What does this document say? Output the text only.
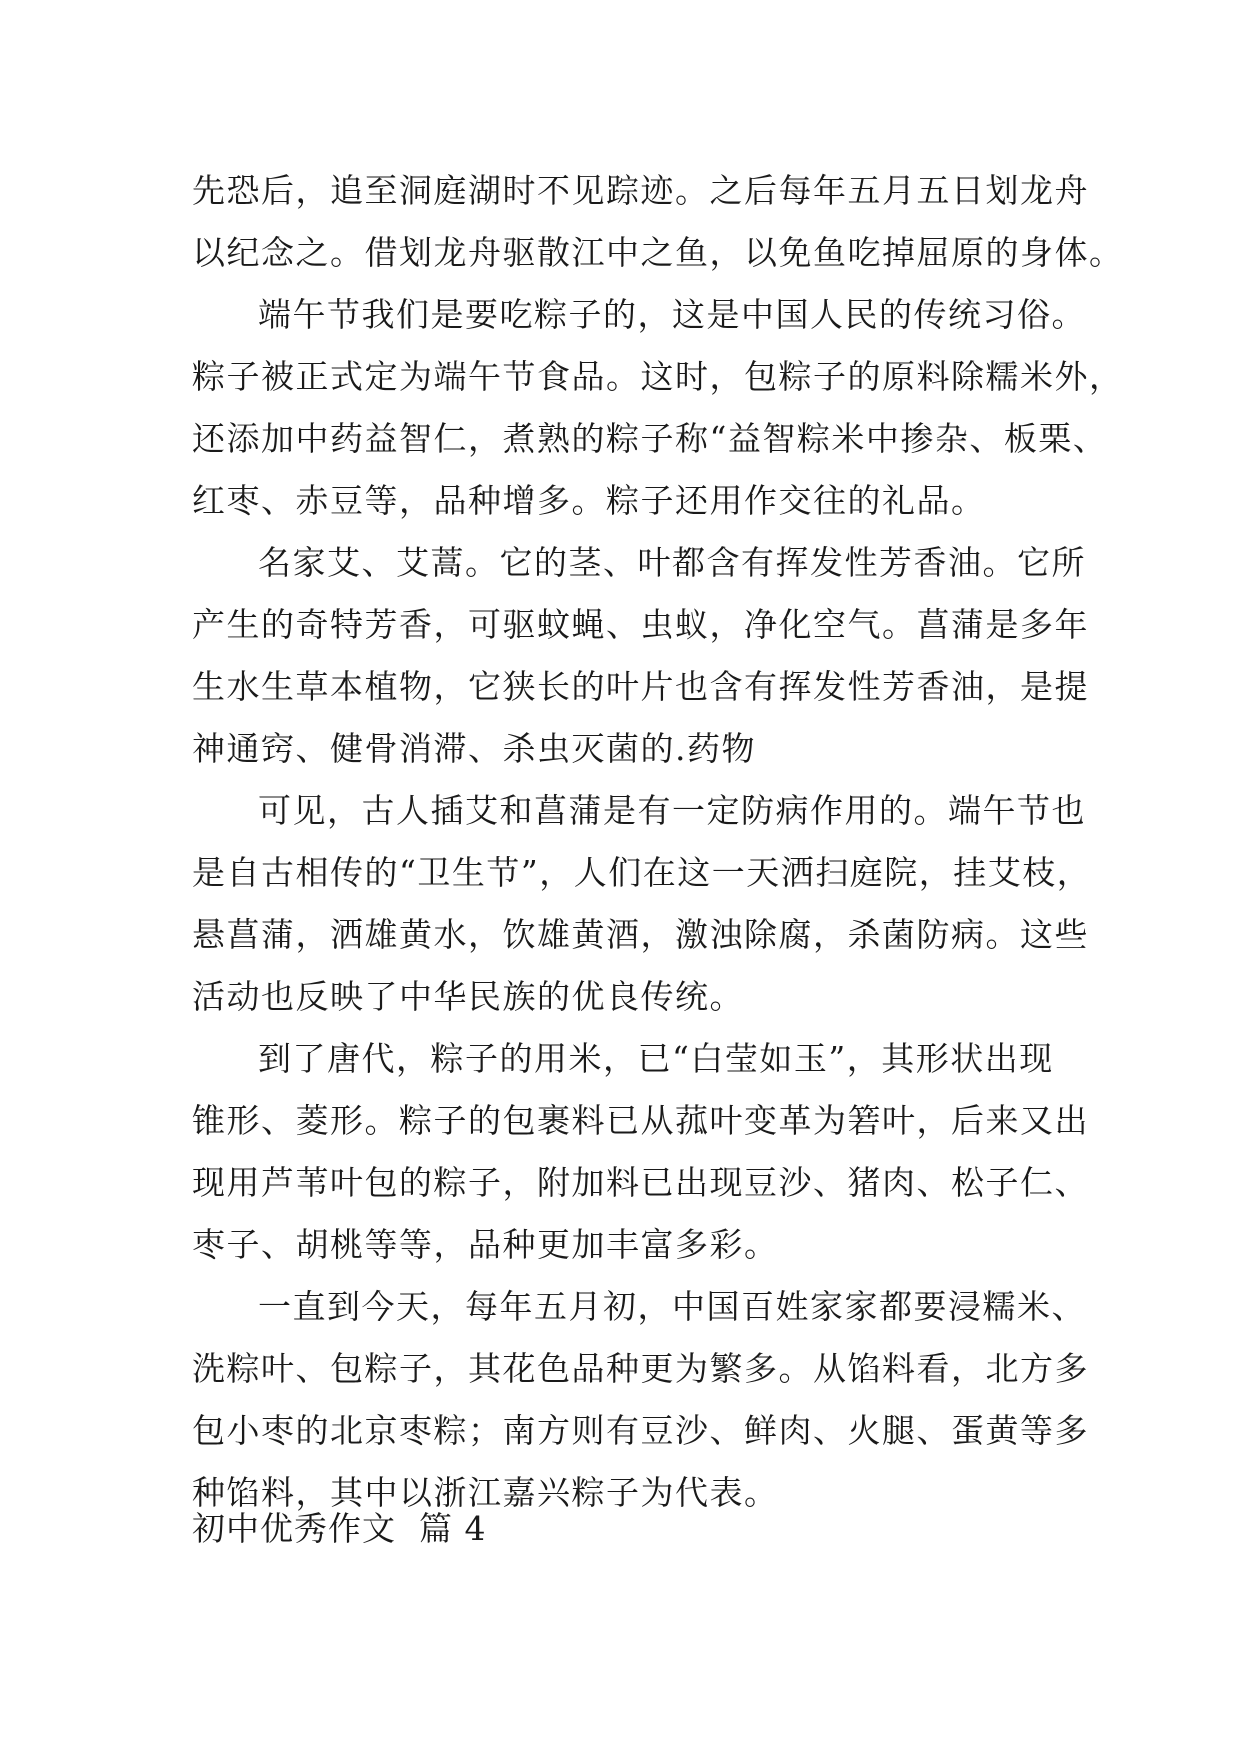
先恐后，追至洞庭湖时不见踪迹。之后每年五月五日划龙舟
以纪念之。借划龙舟驱散江中之鱼，以免鱼吃掉屈原的身体。
端午节我们是要吃粽子的，这是中国人民的传统习俗。
粽子被正式定为端午节食品。这时，包粽子的原料除糯米外，
还添加中药益智仁，煮熟的粽子称“益智粽米中掺杂、板栗、
红枣、赤豆等，品种增多。粽子还用作交往的礼品。
名家艾、艾蒿。它的茎、叶都含有挥发性芳香油。它所
产生的奇特芳香，可驱蚊蝇、虫蚁，净化空气。菖蒲是多年
生水生草本植物，它狭长的叶片也含有挥发性芳香油，是提
神通窍、健骨消滞、杀虫灭菌的.药物
可见，古人插艾和菖蒲是有一定防病作用的。端午节也
是自古相传的“卫生节”，人们在这一天洒扫庭院，挂艾枝，
悬菖蒲，洒雄黄水，饮雄黄酒，激浊除腐，杀菌防病。这些
活动也反映了中华民族的优良传统。
到了唐代，粽子的用米，已“白莹如玉”，其形状出现
锥形、菱形。粽子的包裹料已从菰叶变革为箬叶，后来又出
现用芦苇叶包的粽子，附加料已出现豆沙、猪肉、松子仁、
枣子、胡桃等等，品种更加丰富多彩。
一直到今天，每年五月初，中国百姓家家都要浸糯米、
洗粽叶、包粽子，其花色品种更为繁多。从馅料看，北方多
包小枣的北京枣粽；南方则有豆沙、鲜肉、火腿、蛋黄等多
种馅料，其中以浙江嘉兴粽子为代表。
初中优秀作文  篇 4
